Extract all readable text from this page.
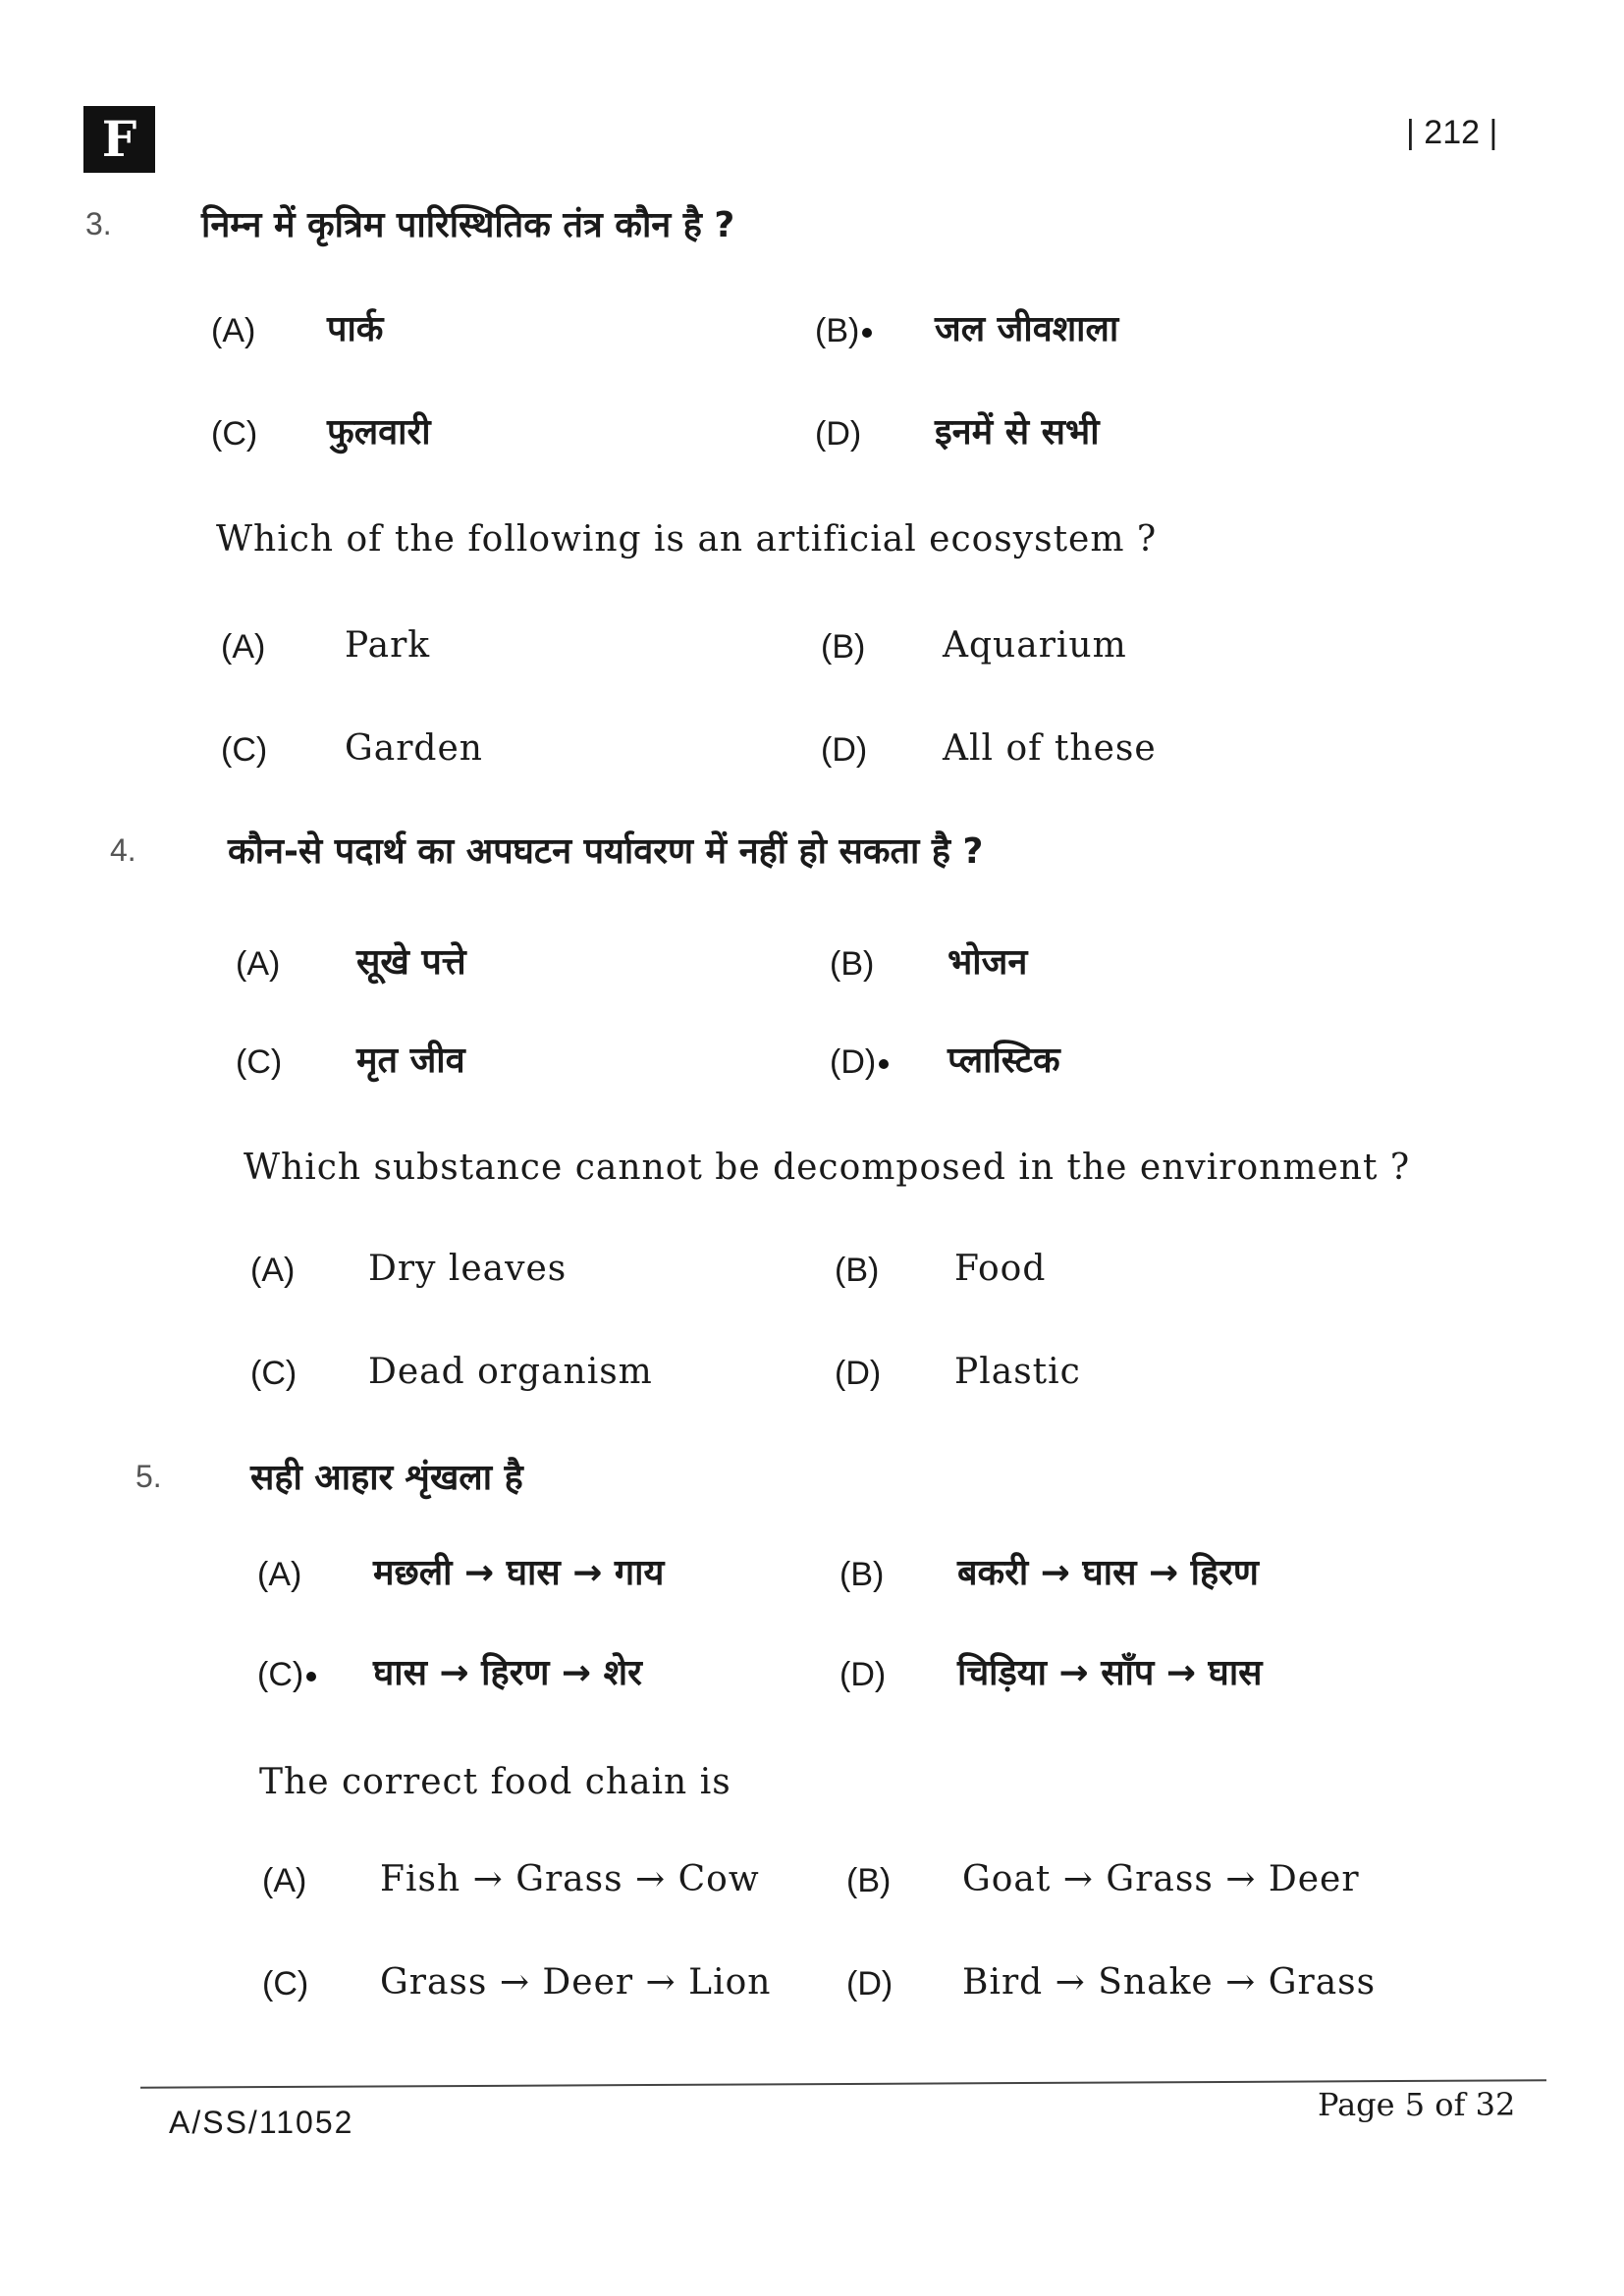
F	| 212 |
3.	निम्न में कृत्रिम पारिस्थितिक तंत्र कौन है ?
(A) पार्क	(B)	जल जीवशाला
(C) फुलवारी	(D) इनमें से सभी
Which of the following is an artificial ecosystem ?
(A) Park	(B) Aquarium
(C) Garden	(D) All of these
4.	कौन-से पदार्थ का अपघटन पर्यावरण में नहीं हो सकता है ?
(A) सूखे पत्ते	(B) भोजन
(C) मृत जीव	(D)	प्लास्टिक
Which substance cannot be decomposed in the environment ?
(A) Dry leaves	(B) Food
(C) Dead organism	(D) Plastic
5.	सही आहार शृंखला है
(A) मछली → घास → गाय	(B) बकरी → घास → हिरण
(C)	घास → हिरण → शेर	(D) चिड़िया → साँप → घास
The correct food chain is
(A) Fish → Grass → Cow	(B) Goat → Grass → Deer
(C) Grass → Deer → Lion (D) Bird → Snake → Grass
A/SS/11052	Page 5 of 32
